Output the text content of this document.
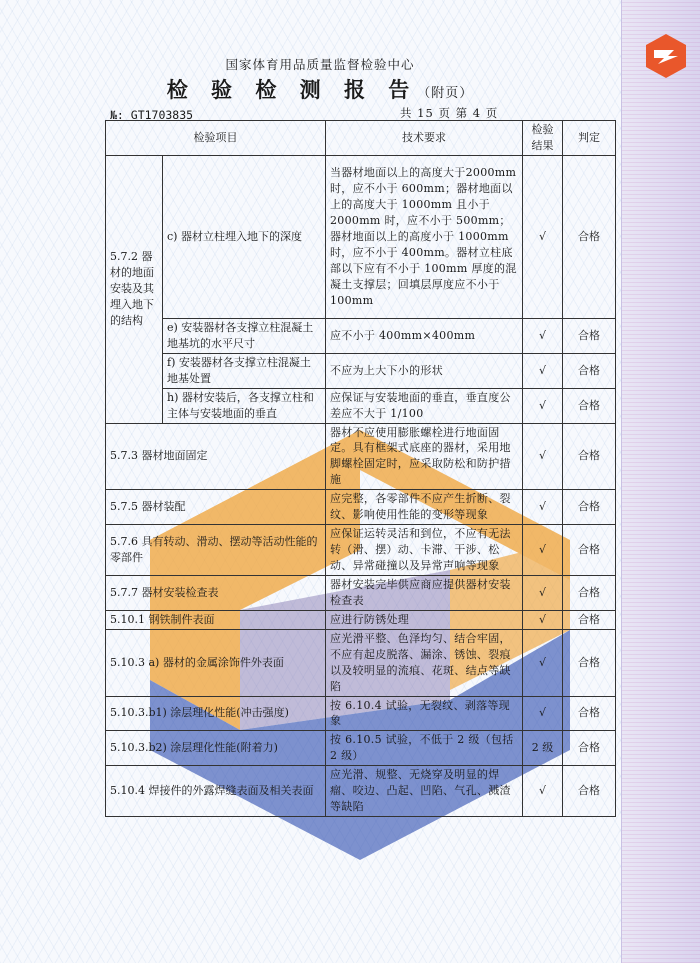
国家体育用品质量监督检验中心
检 验 检 测 报 告（附页）
№: GT1703835	共 15 页 第 4 页
检验项目		技术要求	检验结果	判定
5.7.2 器材的地面安装及其埋入地下的结构	c) 器材立柱埋入地下的深度	当器材地面以上的高度大于2000mm 时，应不小于 600mm；器材地面以上的高度大于 1000mm 且小于 2000mm 时，应不小于 500mm；器材地面以上的高度小于 1000mm 时，应不小于 400mm。器材立柱底部以下应有不小于 100mm 厚度的混凝土支撑层；回填层厚度应不小于 100mm	√	合格
	e) 安装器材各支撑立柱混凝土地基坑的水平尺寸	应不小于 400mm×400mm	√	合格
	f) 安装器材各支撑立柱混凝土地基处置	不应为上大下小的形状	√	合格
	h) 器材安装后，各支撑立柱和主体与安装地面的垂直	应保证与安装地面的垂直，垂直度公差应不大于 1/100	√	合格
5.7.3 器材地面固定		器材不应使用膨胀螺栓进行地面固定。具有框架式底座的器材，采用地脚螺栓固定时，应采取防松和防护措施	√	合格
5.7.5 器材装配		应完整，各零部件不应产生折断、裂纹、影响使用性能的变形等现象	√	合格
5.7.6 具有转动、滑动、摆动等活动性能的零部件		应保证运转灵活和到位，不应有无法转（滑、摆）动、卡滞、干涉、松动、异常碰撞以及异常声响等现象	√	合格
5.7.7 器材安装检查表		器材安装完毕供应商应提供器材安装检查表	√	合格
5.10.1 钢铁制件表面		应进行防锈处理	√	合格
5.10.3 a) 器材的金属涂饰件外表面		应光滑平整、色泽均匀、结合牢固，不应有起皮脱落、漏涂、锈蚀、裂痕以及较明显的流痕、花斑、结点等缺陷	√	合格
5.10.3.b1) 涂层理化性能(冲击强度)		按 6.10.4 试验，无裂纹、剥落等现象	√	合格
5.10.3.b2) 涂层理化性能(附着力)		按 6.10.5 试验，不低于 2 级（包括 2 级）	2 级	合格
5.10.4 焊接件的外露焊缝表面及相关表面		应光滑、规整、无烧穿及明显的焊瘤、咬边、凸起、凹陷、气孔、溅渣等缺陷	√	合格
